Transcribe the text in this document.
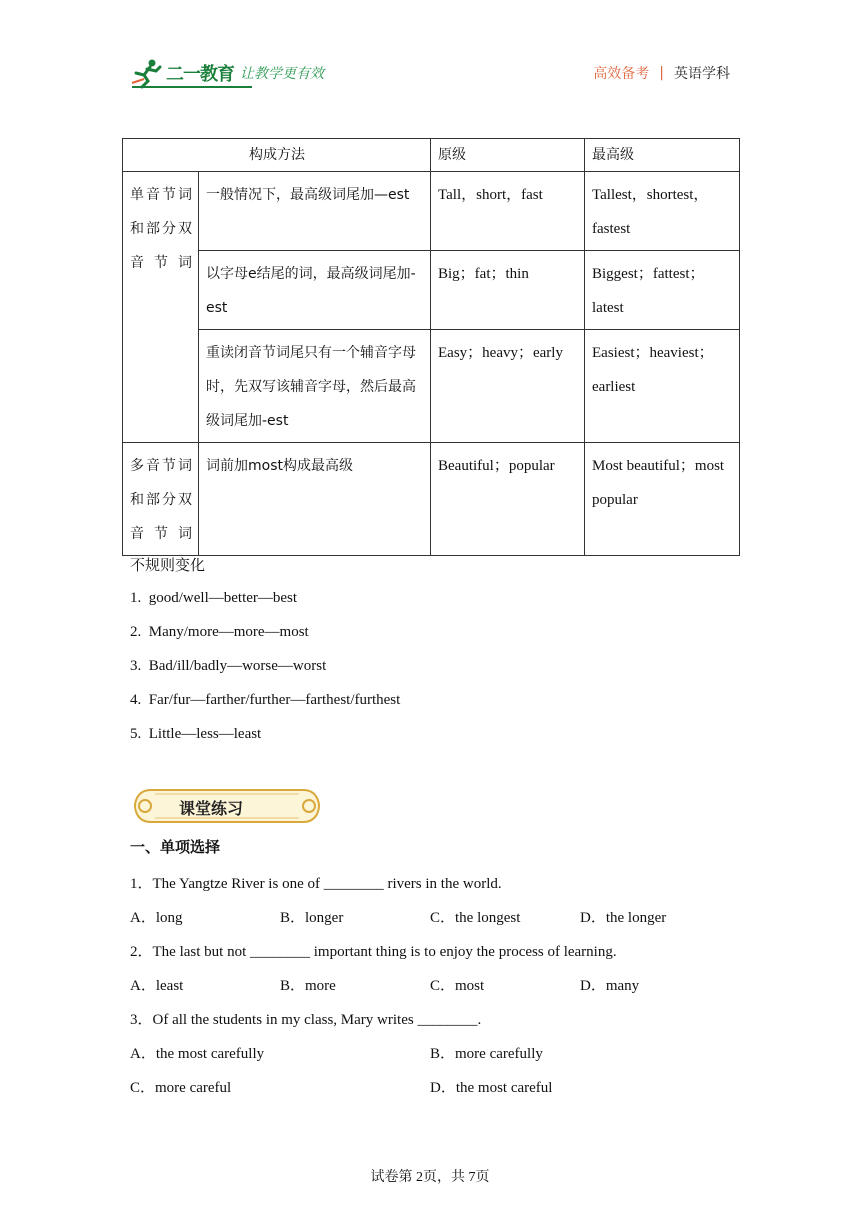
二一教育 让教学更有效	高效备考 | 英语学科
构成方法		原级	最高级
单音节词和部分双音节词	一般情况下，最高级词尾加—est	Tall，short，fast	Tallest，shortest，fastest
	以字母e结尾的词，最高级词尾加-est	Big；fat；thin	Biggest；fattest；latest
	重读闭音节词尾只有一个辅音字母时，先双写该辅音字母，然后最高级词尾加-est	Easy；heavy；early	Easiest；heaviest；earliest
多音节词和部分双音节词	词前加most构成最高级	Beautiful；popular	Most beautiful；most popular
不规则变化
1.  good/well—better—best
2.  Many/more—more—most
3.  Bad/ill/badly—worse—worst
4.  Far/fur—farther/further—farthest/furthest
5.  Little—less—least
课堂练习
一、单项选择
1．The Yangtze River is one of ________ rivers in the world.
A．long	B．longer	C．the longest	D．the longer
2．The last but not ________ important thing is to enjoy the process of learning.
A．least	B．more	C．most	D．many
3．Of all the students in my class, Mary writes ________.
A．the most carefully	B．more carefully
C．more careful	D．the most careful
试卷第 2页，共 7页
